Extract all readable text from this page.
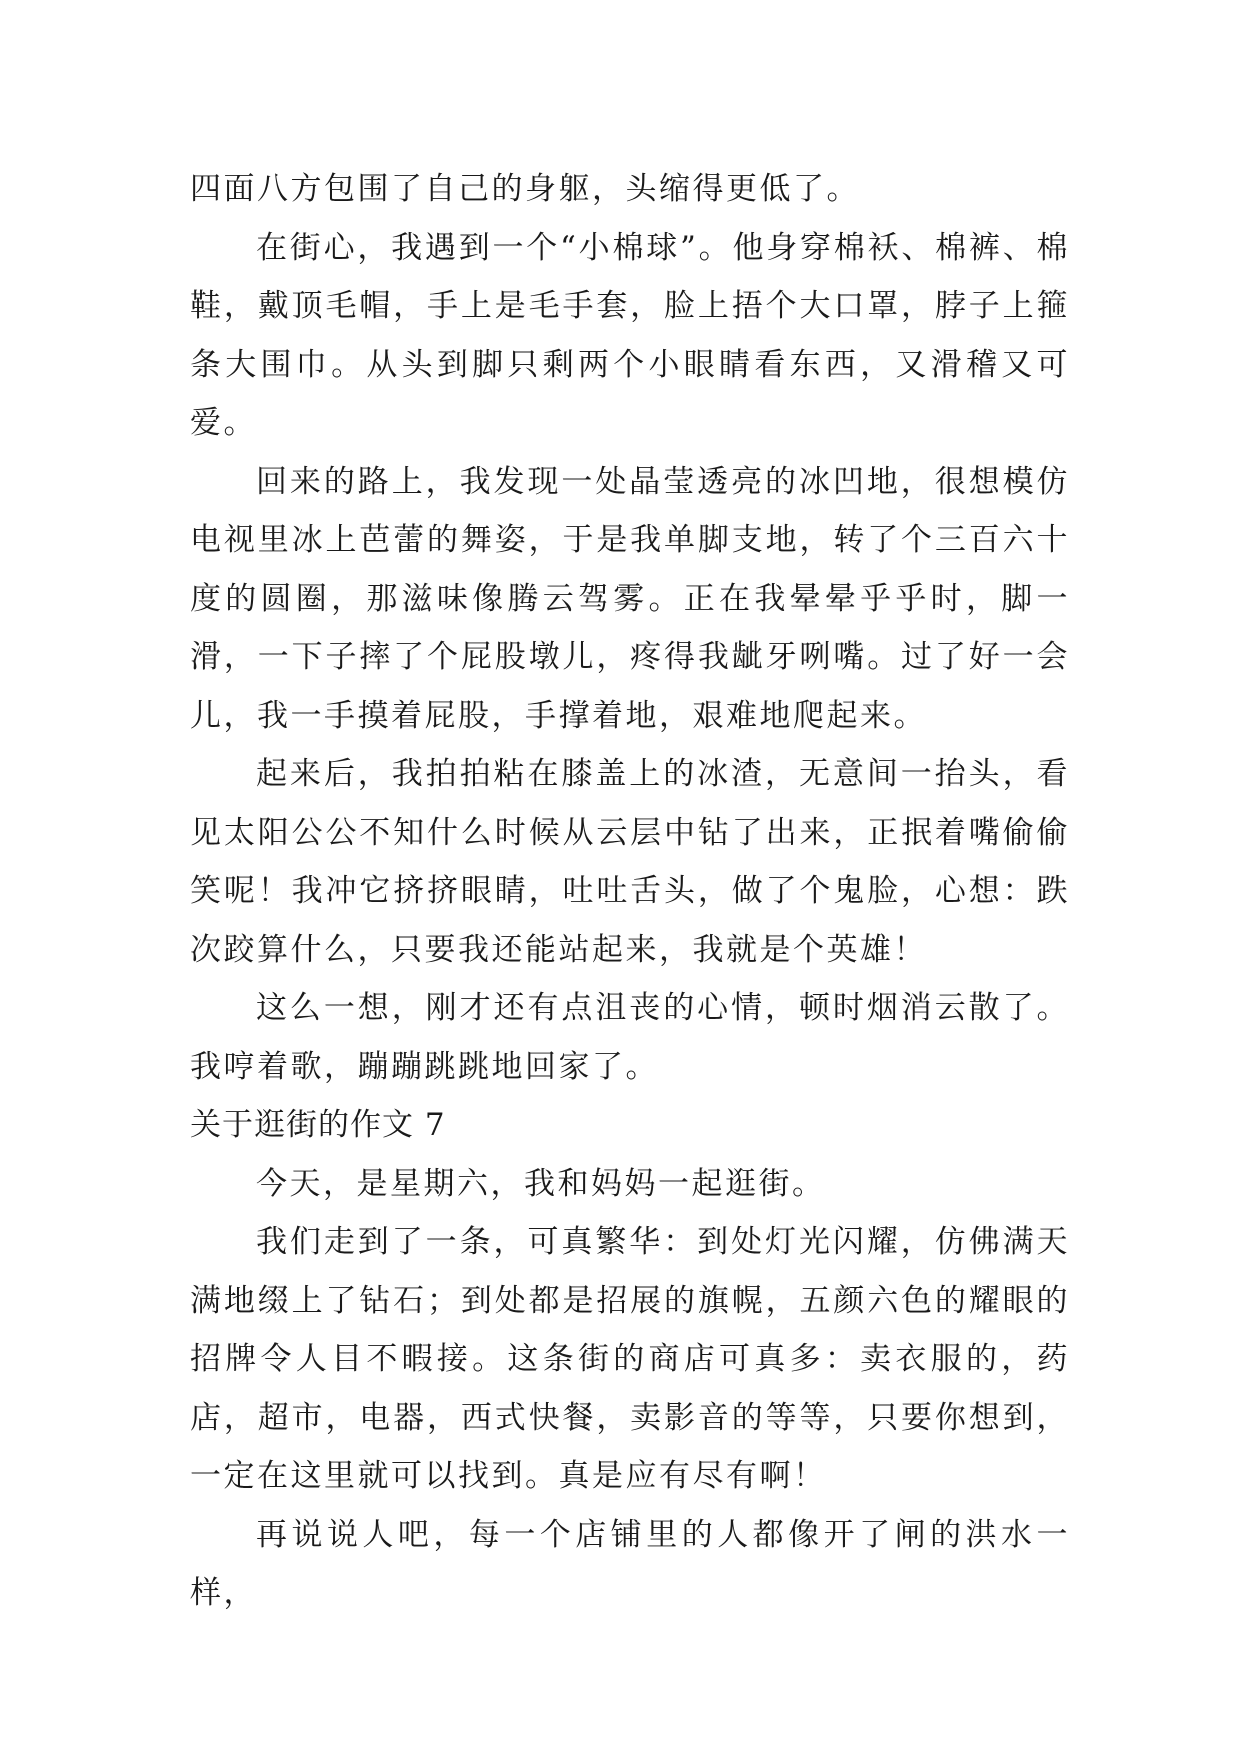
四面八方包围了自己的身躯，头缩得更低了。

在街心，我遇到一个“小棉球”。他身穿棉袄、棉裤、棉鞋，戴顶毛帽，手上是毛手套，脸上捂个大口罩，脖子上箍条大围巾。从头到脚只剩两个小眼睛看东西，又滑稽又可爱。

回来的路上，我发现一处晶莹透亮的冰凹地，很想模仿电视里冰上芭蕾的舞姿，于是我单脚支地，转了个三百六十度的圆圈，那滋味像腾云驾雾。正在我晕晕乎乎时，脚一滑，一下子摔了个屁股墩儿，疼得我龇牙咧嘴。过了好一会儿，我一手摸着屁股，手撑着地，艰难地爬起来。

起来后，我拍拍粘在膝盖上的冰渣，无意间一抬头，看见太阳公公不知什么时候从云层中钻了出来，正抿着嘴偷偷笑呢！我冲它挤挤眼睛，吐吐舌头，做了个鬼脸，心想：跌次跤算什么，只要我还能站起来，我就是个英雄！

这么一想，刚才还有点沮丧的心情，顿时烟消云散了。我哼着歌，蹦蹦跳跳地回家了。

关于逛街的作文 7

今天，是星期六，我和妈妈一起逛街。

我们走到了一条，可真繁华：到处灯光闪耀，仿佛满天满地缀上了钻石；到处都是招展的旗幌，五颜六色的耀眼的招牌令人目不暇接。这条街的商店可真多：卖衣服的，药店，超市，电器，西式快餐，卖影音的等等，只要你想到，一定在这里就可以找到。真是应有尽有啊！

再说说人吧，每一个店铺里的人都像开了闸的洪水一样，
